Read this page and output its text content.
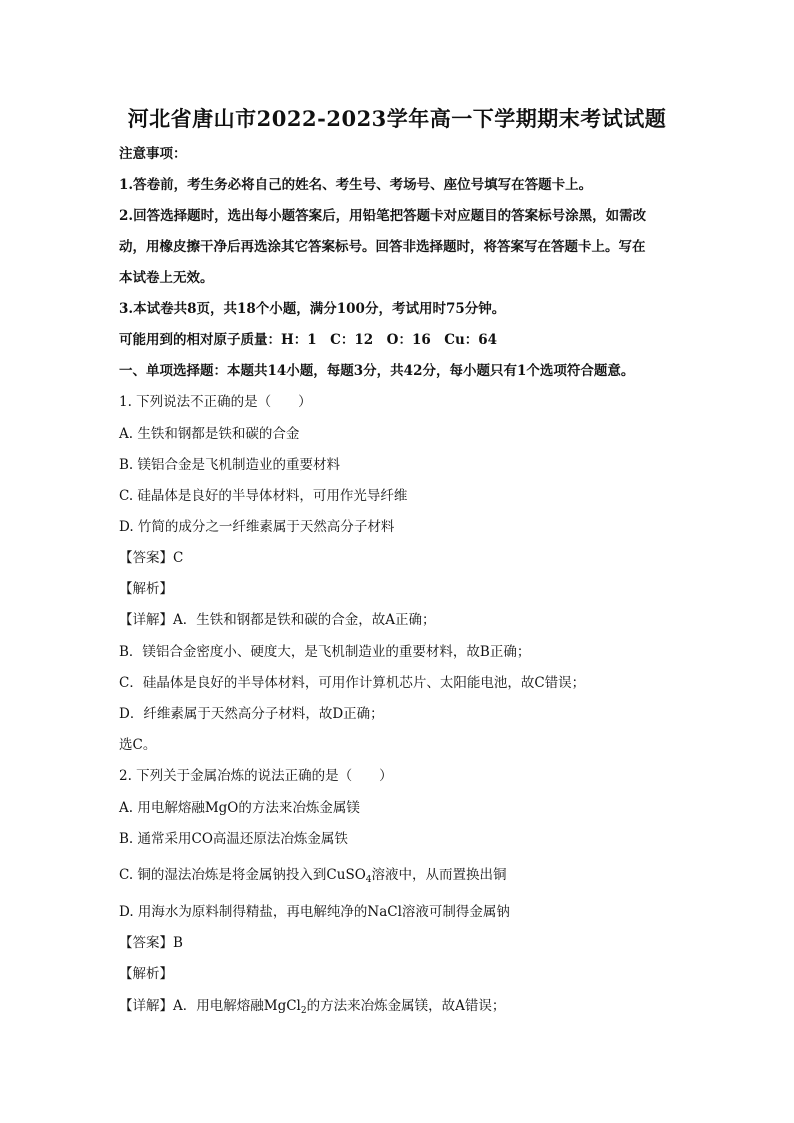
河北省唐山市2022-2023学年高一下学期期末考试试题
注意事项：
1.答卷前，考生务必将自己的姓名、考生号、考场号、座位号填写在答题卡上。
2.回答选择题时，选出每小题答案后，用铅笔把答题卡对应题目的答案标号涂黑，如需改
动，用橡皮擦干净后再选涂其它答案标号。回答非选择题时，将答案写在答题卡上。写在
本试卷上无效。
3.本试卷共8页，共18个小题，满分100分，考试用时75分钟。
可能用到的相对原子质量：H：1　C：12　O：16　Cu：64
一、单项选择题：本题共14小题，每题3分，共42分，每小题只有1个选项符合题意。
1. 下列说法不正确的是（　　）
A. 生铁和钢都是铁和碳的合金
B. 镁铝合金是飞机制造业的重要材料
C. 硅晶体是良好的半导体材料，可用作光导纤维
D. 竹简的成分之一纤维素属于天然高分子材料
【答案】C
【解析】
【详解】A．生铁和钢都是铁和碳的合金，故A正确；
B．镁铝合金密度小、硬度大，是飞机制造业的重要材料，故B正确；
C．硅晶体是良好的半导体材料，可用作计算机芯片、太阳能电池，故C错误；
D．纤维素属于天然高分子材料，故D正确；
选C。
2. 下列关于金属冶炼的说法正确的是（　　）
A. 用电解熔融MgO的方法来冶炼金属镁
B. 通常采用CO高温还原法冶炼金属铁
C. 铜的湿法冶炼是将金属钠投入到CuSO$_4$溶液中，从而置换出铜
D. 用海水为原料制得精盐，再电解纯净的NaCl溶液可制得金属钠
【答案】B
【解析】
【详解】A．用电解熔融MgCl$_2$的方法来冶炼金属镁，故A错误；
